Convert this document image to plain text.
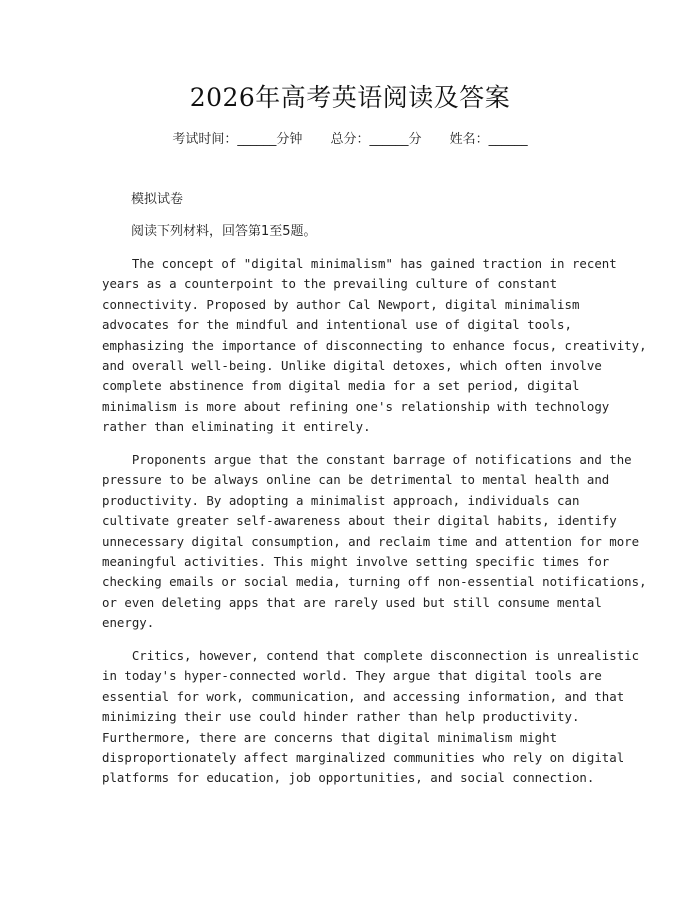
2026年高考英语阅读及答案
考试时间：______分钟 总分：______分 姓名：______
模拟试卷
阅读下列材料，回答第1至5题。
The concept of "digital minimalism" has gained traction in recent
years as a counterpoint to the prevailing culture of constant
connectivity. Proposed by author Cal Newport, digital minimalism
advocates for the mindful and intentional use of digital tools,
emphasizing the importance of disconnecting to enhance focus, creativity,
and overall well-being. Unlike digital detoxes, which often involve
complete abstinence from digital media for a set period, digital
minimalism is more about refining one's relationship with technology
rather than eliminating it entirely.
Proponents argue that the constant barrage of notifications and the
pressure to be always online can be detrimental to mental health and
productivity. By adopting a minimalist approach, individuals can
cultivate greater self-awareness about their digital habits, identify
unnecessary digital consumption, and reclaim time and attention for more
meaningful activities. This might involve setting specific times for
checking emails or social media, turning off non-essential notifications,
or even deleting apps that are rarely used but still consume mental
energy.
Critics, however, contend that complete disconnection is unrealistic
in today's hyper-connected world. They argue that digital tools are
essential for work, communication, and accessing information, and that
minimizing their use could hinder rather than help productivity.
Furthermore, there are concerns that digital minimalism might
disproportionately affect marginalized communities who rely on digital
platforms for education, job opportunities, and social connection.
